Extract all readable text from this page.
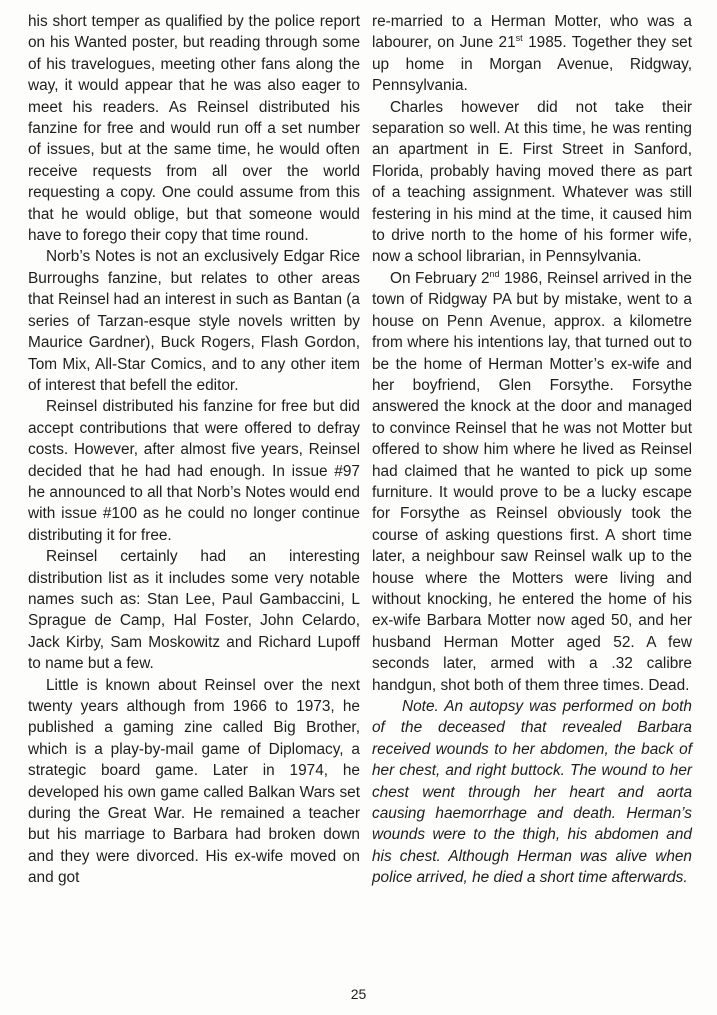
his short temper as qualified by the police report on his Wanted poster, but reading through some of his travelogues, meeting other fans along the way, it would appear that he was also eager to meet his readers. As Reinsel distributed his fanzine for free and would run off a set number of issues, but at the same time, he would often receive requests from all over the world requesting a copy. One could assume from this that he would oblige, but that someone would have to forego their copy that time round.

Norb’s Notes is not an exclusively Edgar Rice Burroughs fanzine, but relates to other areas that Reinsel had an interest in such as Bantan (a series of Tarzan-esque style novels written by Maurice Gardner), Buck Rogers, Flash Gordon, Tom Mix, All-Star Comics, and to any other item of interest that befell the editor.

Reinsel distributed his fanzine for free but did accept contributions that were offered to defray costs. However, after almost five years, Reinsel decided that he had had enough. In issue #97 he announced to all that Norb’s Notes would end with issue #100 as he could no longer continue distributing it for free.

Reinsel certainly had an interesting distribution list as it includes some very notable names such as: Stan Lee, Paul Gambaccini, L Sprague de Camp, Hal Foster, John Celardo, Jack Kirby, Sam Moskowitz and Richard Lupoff to name but a few.

Little is known about Reinsel over the next twenty years although from 1966 to 1973, he published a gaming zine called Big Brother, which is a play-by-mail game of Diplomacy, a strategic board game. Later in 1974, he developed his own game called Balkan Wars set during the Great War. He remained a teacher but his marriage to Barbara had broken down and they were divorced. His ex-wife moved on and got

re-married to a Herman Motter, who was a labourer, on June 21st 1985. Together they set up home in Morgan Avenue, Ridgway, Pennsylvania.

Charles however did not take their separation so well. At this time, he was renting an apartment in E. First Street in Sanford, Florida, probably having moved there as part of a teaching assignment. Whatever was still festering in his mind at the time, it caused him to drive north to the home of his former wife, now a school librarian, in Pennsylvania.

On February 2nd 1986, Reinsel arrived in the town of Ridgway PA but by mistake, went to a house on Penn Avenue, approx. a kilometre from where his intentions lay, that turned out to be the home of Herman Motter’s ex-wife and her boyfriend, Glen Forsythe. Forsythe answered the knock at the door and managed to convince Reinsel that he was not Motter but offered to show him where he lived as Reinsel had claimed that he wanted to pick up some furniture. It would prove to be a lucky escape for Forsythe as Reinsel obviously took the course of asking questions first. A short time later, a neighbour saw Reinsel walk up to the house where the Motters were living and without knocking, he entered the home of his ex-wife Barbara Motter now aged 50, and her husband Herman Motter aged 52. A few seconds later, armed with a .32 calibre handgun, shot both of them three times. Dead.

Note. An autopsy was performed on both of the deceased that revealed Barbara received wounds to her abdomen, the back of her chest, and right buttock. The wound to her chest went through her heart and aorta causing haemorrhage and death. Herman’s wounds were to the thigh, his abdomen and his chest. Although Herman was alive when police arrived, he died a short time afterwards.

25
